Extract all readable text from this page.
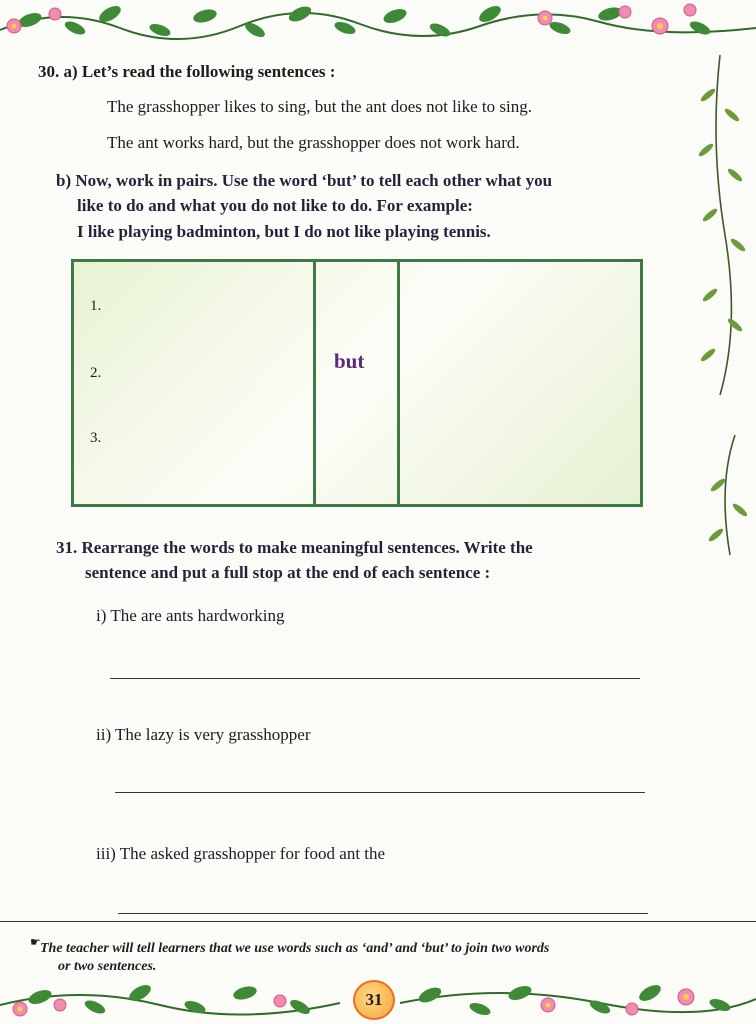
30. a) Let’s read the following sentences :
The grasshopper likes to sing, but the ant does not like to sing.
The ant works hard, but the grasshopper does not work hard.
b) Now, work in pairs. Use the word ‘but’ to tell each other what you
like to do and what you do not like to do. For example:
I like playing badminton, but I do not like playing tennis.
1.
2.
3.
but
31. Rearrange the words to make meaningful sentences. Write the
sentence and put a full stop at the end of each sentence :
i) The are ants hardworking
ii) The lazy is very grasshopper
iii) The asked grasshopper for food ant the
☛ The teacher will tell learners that we use words such as ‘and’ and ‘but’ to join two words
or two sentences.
31
